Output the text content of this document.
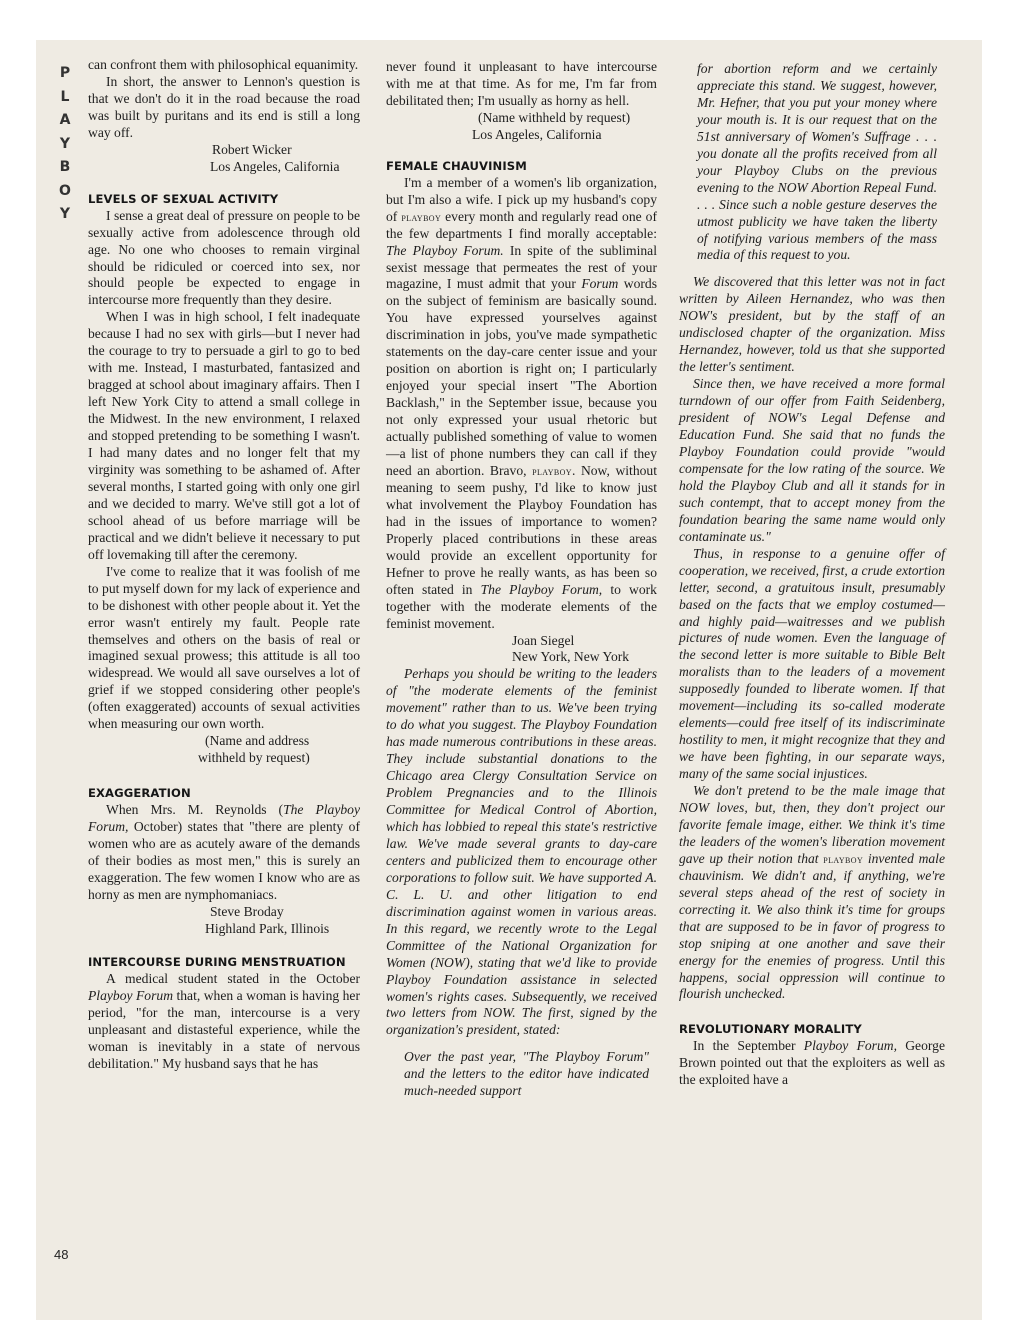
P
L
A
Y
B
O
Y
48

can confront them with philosophical equanimity.

In short, the answer to Lennon's question is that we don't do it in the road because the road was built by puritans and its end is still a long way off.

Robert Wicker

Los Angeles, California

LEVELS OF SEXUAL ACTIVITY

I sense a great deal of pressure on people to be sexually active from adolescence through old age. No one who chooses to remain virginal should be ridiculed or coerced into sex, nor should people be expected to engage in intercourse more frequently than they desire.

When I was in high school, I felt inadequate because I had no sex with girls—but I never had the courage to try to persuade a girl to go to bed with me. Instead, I masturbated, fantasized and bragged at school about imaginary affairs. Then I left New York City to attend a small college in the Midwest. In the new environment, I relaxed and stopped pretending to be something I wasn't. I had many dates and no longer felt that my virginity was something to be ashamed of. After several months, I started going with only one girl and we decided to marry. We've still got a lot of school ahead of us before marriage will be practical and we didn't believe it necessary to put off lovemaking till after the ceremony.

I've come to realize that it was foolish of me to put myself down for my lack of experience and to be dishonest with other people about it. Yet the error wasn't entirely my fault. People rate themselves and others on the basis of real or imagined sexual prowess; this attitude is all too widespread. We would all save ourselves a lot of grief if we stopped considering other people's (often exaggerated) accounts of sexual activities when measuring our own worth.

(Name and address

withheld by request)

EXAGGERATION

When Mrs. M. Reynolds (The Playboy Forum, October) states that "there are plenty of women who are as acutely aware of the demands of their bodies as most men," this is surely an exaggeration. The few women I know who are as horny as men are nymphomaniacs.

Steve Broday

Highland Park, Illinois

INTERCOURSE DURING MENSTRUATION

A medical student stated in the October Playboy Forum that, when a woman is having her period, "for the man, intercourse is a very unpleasant and distasteful experience, while the woman is inevitably in a state of nervous debilitation." My husband says that he has

never found it unpleasant to have intercourse with me at that time. As for me, I'm far from debilitated then; I'm usually as horny as hell.

(Name withheld by request)

Los Angeles, California

FEMALE CHAUVINISM

I'm a member of a women's lib organization, but I'm also a wife. I pick up my husband's copy of playboy every month and regularly read one of the few departments I find morally acceptable: The Playboy Forum. In spite of the subliminal sexist message that permeates the rest of your magazine, I must admit that your Forum words on the subject of feminism are basically sound. You have expressed yourselves against discrimination in jobs, you've made sympathetic statements on the day-care center issue and your position on abortion is right on; I particularly enjoyed your special insert "The Abortion Backlash," in the September issue, because you not only expressed your usual rhetoric but actually published something of value to women—a list of phone numbers they can call if they need an abortion. Bravo, playboy. Now, without meaning to seem pushy, I'd like to know just what involvement the Playboy Foundation has had in the issues of importance to women? Properly placed contributions in these areas would provide an excellent opportunity for Hefner to prove he really wants, as has been so often stated in The Playboy Forum, to work together with the moderate elements of the feminist movement.

Joan Siegel

New York, New York

Perhaps you should be writing to the leaders of "the moderate elements of the feminist movement" rather than to us. We've been trying to do what you suggest. The Playboy Foundation has made numerous contributions in these areas. They include substantial donations to the Chicago area Clergy Consultation Service on Problem Pregnancies and to the Illinois Committee for Medical Control of Abortion, which has lobbied to repeal this state's restrictive law. We've made several grants to day-care centers and publicized them to encourage other corporations to follow suit. We have supported A. C. L. U. and other litigation to end discrimination against women in various areas. In this regard, we recently wrote to the Legal Committee of the National Organization for Women (NOW), stating that we'd like to provide Playboy Foundation assistance in selected women's rights cases. Subsequently, we received two letters from NOW. The first, signed by the organization's president, stated:

Over the past year, "The Playboy Forum" and the letters to the editor have indicated much-needed support

for abortion reform and we certainly appreciate this stand. We suggest, however, Mr. Hefner, that you put your money where your mouth is. It is our request that on the 51st anniversary of Women's Suffrage . . . you donate all the profits received from all your Playboy Clubs on the previous evening to the NOW Abortion Repeal Fund. . . . Since such a noble gesture deserves the utmost publicity we have taken the liberty of notifying various members of the mass media of this request to you.

We discovered that this letter was not in fact written by Aileen Hernandez, who was then NOW's president, but by the staff of an undisclosed chapter of the organization. Miss Hernandez, however, told us that she supported the letter's sentiment.

Since then, we have received a more formal turndown of our offer from Faith Seidenberg, president of NOW's Legal Defense and Education Fund. She said that no funds the Playboy Foundation could provide "would compensate for the low rating of the source. We hold the Playboy Club and all it stands for in such contempt, that to accept money from the foundation bearing the same name would only contaminate us."

Thus, in response to a genuine offer of cooperation, we received, first, a crude extortion letter, second, a gratuitous insult, presumably based on the facts that we employ costumed—and highly paid—waitresses and we publish pictures of nude women. Even the language of the second letter is more suitable to Bible Belt moralists than to the leaders of a movement supposedly founded to liberate women. If that movement—including its so-called moderate elements—could free itself of its indiscriminate hostility to men, it might recognize that they and we have been fighting, in our separate ways, many of the same social injustices.

We don't pretend to be the male image that NOW loves, but, then, they don't project our favorite female image, either. We think it's time the leaders of the women's liberation movement gave up their notion that playboy invented male chauvinism. We didn't and, if anything, we're several steps ahead of the rest of society in correcting it. We also think it's time for groups that are supposed to be in favor of progress to stop sniping at one another and save their energy for the enemies of progress. Until this happens, social oppression will continue to flourish unchecked.

REVOLUTIONARY MORALITY

In the September Playboy Forum, George Brown pointed out that the exploiters as well as the exploited have a
